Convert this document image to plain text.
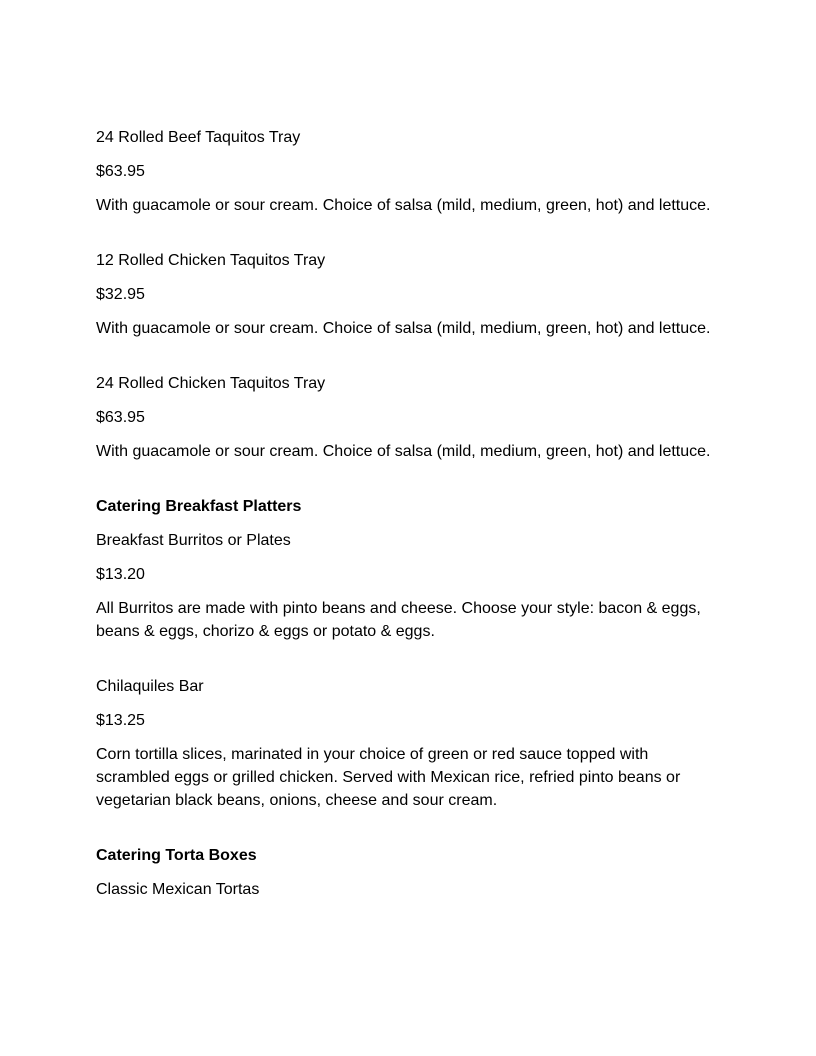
24 Rolled Beef Taquitos Tray

$63.95

With guacamole or sour cream. Choice of salsa (mild, medium, green, hot) and lettuce.

12 Rolled Chicken Taquitos Tray

$32.95

With guacamole or sour cream. Choice of salsa (mild, medium, green, hot) and lettuce.

24 Rolled Chicken Taquitos Tray

$63.95

With guacamole or sour cream. Choice of salsa (mild, medium, green, hot) and lettuce.

Catering Breakfast Platters

Breakfast Burritos or Plates

$13.20

All Burritos are made with pinto beans and cheese. Choose your style: bacon & eggs, beans & eggs, chorizo & eggs or potato & eggs.

Chilaquiles Bar

$13.25

Corn tortilla slices, marinated in your choice of green or red sauce topped with scrambled eggs or grilled chicken. Served with Mexican rice, refried pinto beans or vegetarian black beans, onions, cheese and sour cream.

Catering Torta Boxes

Classic Mexican Tortas
